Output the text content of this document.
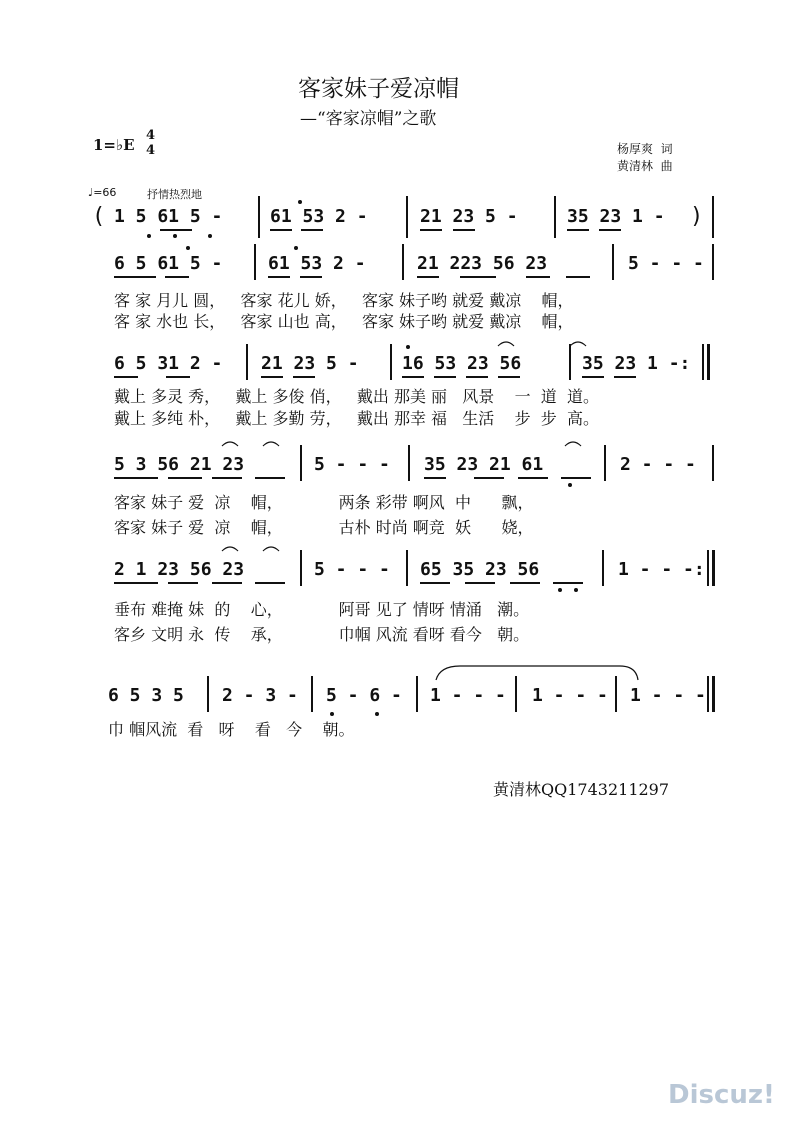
客家妹子爱凉帽
—“客家凉帽”之歌
1=♭E
4
4	杨厚爽  词
黄清林  曲
♩=66	抒情热烈地
( 1 5 61 5 -	61 53 2 -	21 23 5 -	35 23 1 - )
6 5 61 5 -	61 53 2 -	21 223 56 23	5 - - -
客 家 月儿 圆，   客家 花儿 娇，   客家 妹子哟 就爱 戴凉    帽，
客 家 水也 长，   客家 山也 高，   客家 妹子哟 就爱 戴凉    帽，
6 5 31 2 - 21 23 5 - 16 53 23 56	35 23 1 -:
戴上 多灵 秀，   戴上 多俊 俏，   戴出 那美 丽   风景    一  道  道。
戴上 多纯 朴，   戴上 多勤 劳，   戴出 那幸 福   生活    步  步  高。
5 3 56 21 23	5 - - - 35 23 21 61	2 - - -
客家 妹子 爱  凉    帽，           两条 彩带 啊风  中      飘，
客家 妹子 爱  凉    帽，           古朴 时尚 啊竞  妖      娆，
2 1 23 56 23	5 - - - 65 35 23 56	1 - - -:
垂布 难掩 妹  的    心，           阿哥 见了 情呀 情涌   潮。
客乡 文明 永  传    承，           巾帼 风流 看呀 看今   朝。
6 5 3 5 2 - 3 - 5 - 6 - 1 - - - 1 - - - 1 - - -
巾 帼风流  看   呀    看   今    朝。
黄清林QQ1743211297
Discuz!
